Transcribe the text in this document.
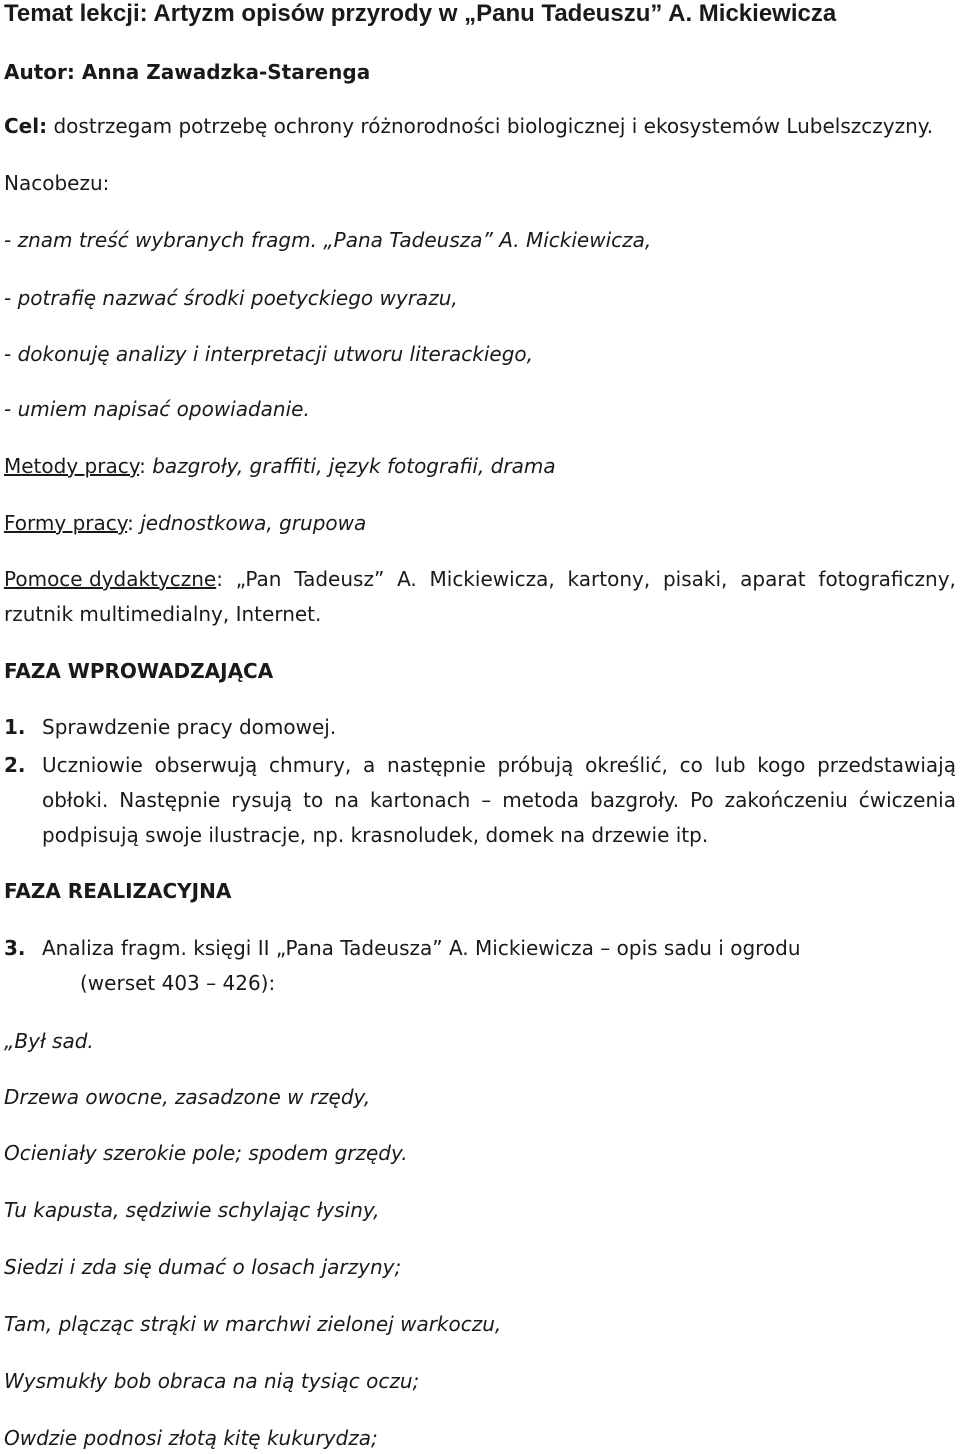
Temat lekcji: Artyzm opisów przyrody w „Panu Tadeuszu” A. Mickiewicza
Autor: Anna Zawadzka-Starenga
Cel: dostrzegam potrzebę ochrony różnorodności biologicznej i ekosystemów Lubelszczyzny.
Nacobezu:
- znam treść wybranych fragm. „Pana Tadeusza” A. Mickiewicza,
- potrafię nazwać środki poetyckiego wyrazu,
- dokonuję analizy i interpretacji utworu literackiego,
- umiem napisać opowiadanie.
Metody pracy: bazgroły, graffiti, język fotografii, drama
Formy pracy: jednostkowa, grupowa
Pomoce dydaktyczne: „Pan Tadeusz” A. Mickiewicza, kartony, pisaki, aparat fotograficzny,
rzutnik multimedialny, Internet.
FAZA WPROWADZAJĄCA
1. Sprawdzenie pracy domowej.
2. Uczniowie obserwują chmury, a następnie próbują określić, co lub kogo przedstawiają
obłoki. Następnie rysują to na kartonach – metoda bazgroły. Po zakończeniu ćwiczenia
podpisują swoje ilustracje, np. krasnoludek, domek na drzewie itp.
FAZA REALIZACYJNA
3. Analiza fragm. księgi II „Pana Tadeusza” A. Mickiewicza – opis sadu i ogrodu
(werset 403 – 426):
„Był sad.
Drzewa owocne, zasadzone w rzędy,
Ocieniały szerokie pole; spodem grzędy.
Tu kapusta, sędziwie schylając łysiny,
Siedzi i zda się dumać o losach jarzyny;
Tam, plącząc strąki w marchwi zielonej warkoczu,
Wysmukły bob obraca na nią tysiąc oczu;
Owdzie podnosi złotą kitę kukurydza;
